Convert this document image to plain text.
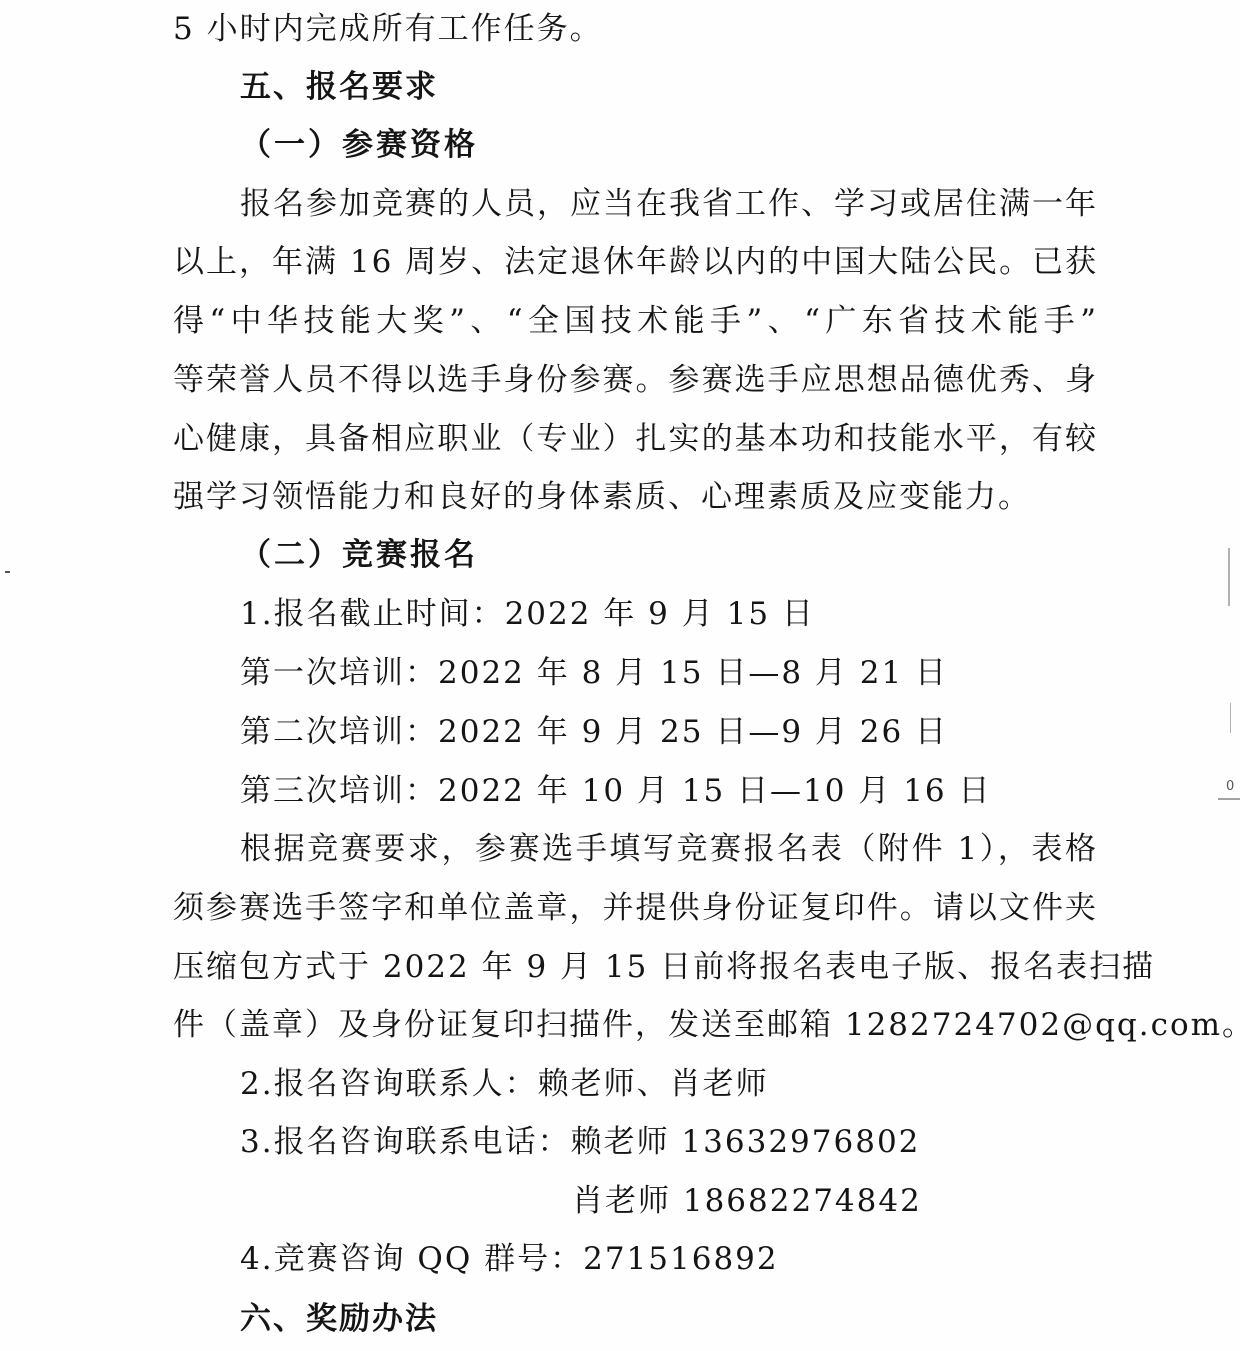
5 小时内完成所有工作任务。
五、报名要求
（一）参赛资格
报名参加竞赛的人员，应当在我省工作、学习或居住满一年
以上，年满 16 周岁、法定退休年龄以内的中国大陆公民。已获
得“中华技能大奖”、“全国技术能手”、“广东省技术能手”
等荣誉人员不得以选手身份参赛。参赛选手应思想品德优秀、身
心健康，具备相应职业（专业）扎实的基本功和技能水平，有较
强学习领悟能力和良好的身体素质、心理素质及应变能力。
（二）竞赛报名
1.报名截止时间：2022 年 9 月 15 日
第一次培训：2022 年 8 月 15 日—8 月 21 日
第二次培训：2022 年 9 月 25 日—9 月 26 日
第三次培训：2022 年 10 月 15 日—10 月 16 日
根据竞赛要求，参赛选手填写竞赛报名表（附件 1），表格
须参赛选手签字和单位盖章，并提供身份证复印件。请以文件夹
压缩包方式于 2022 年 9 月 15 日前将报名表电子版、报名表扫描
件（盖章）及身份证复印扫描件，发送至邮箱 1282724702@qq.com。
2.报名咨询联系人：赖老师、肖老师
3.报名咨询联系电话：赖老师 13632976802
肖老师 18682274842
4.竞赛咨询 QQ 群号：271516892
六、奖励办法
0
